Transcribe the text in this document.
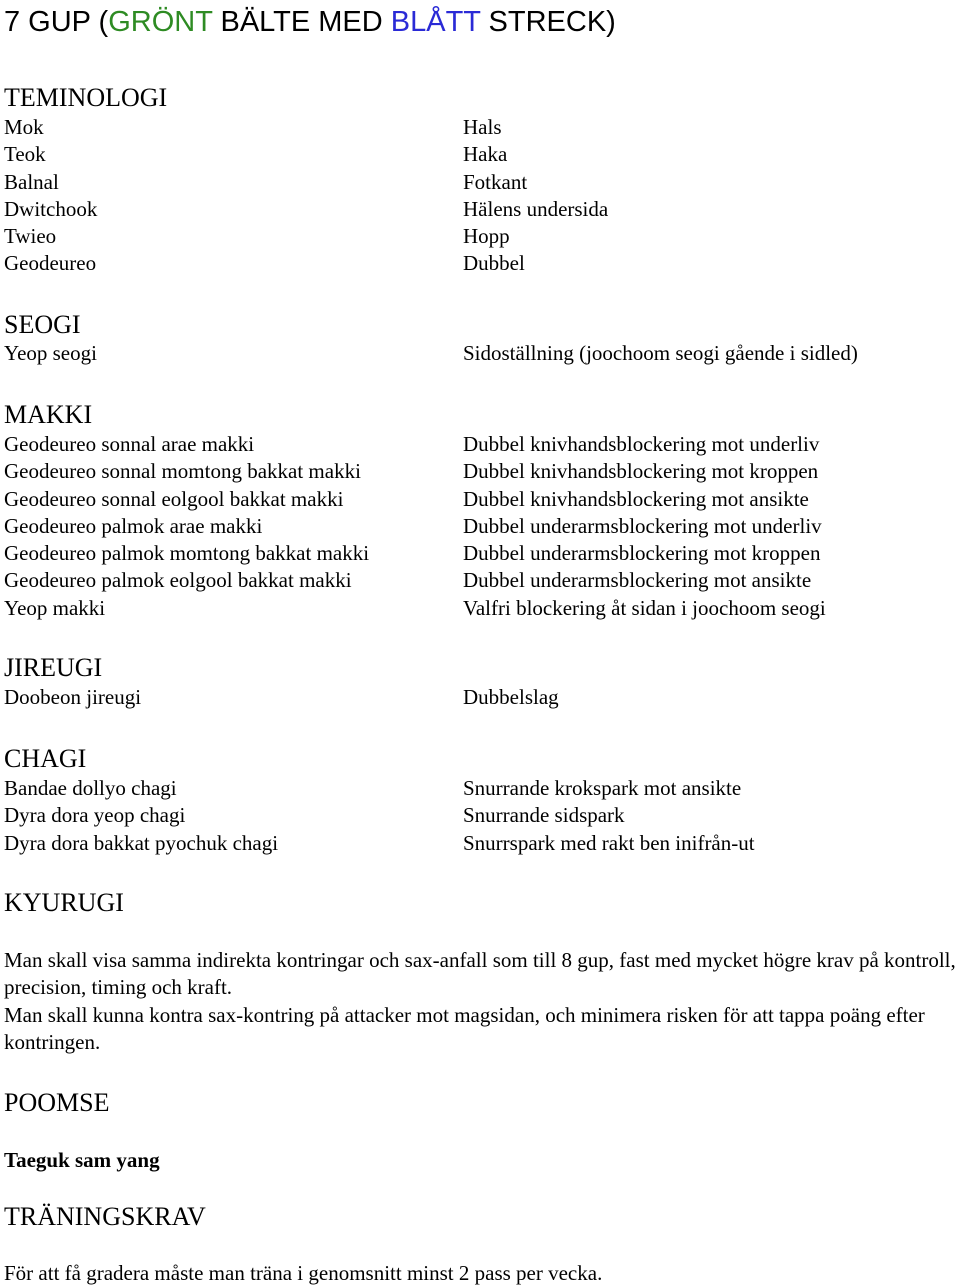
7 GUP (GRÖNT BÄLTE MED BLÅTT STRECK)
TEMINOLOGI
Mok
Teok
Balnal
Dwitchook
Twieo
Geodeureo
Hals
Haka
Fotkant
Hälens undersida
Hopp
Dubbel
SEOGI
Yeop seogi	Sidoställning (joochoom seogi gående i sidled)
MAKKI
Geodeureo sonnal arae makki
Geodeureo sonnal momtong bakkat makki
Geodeureo sonnal eolgool bakkat makki
Geodeureo palmok arae makki
Geodeureo palmok momtong bakkat makki
Geodeureo palmok eolgool bakkat makki
Yeop makki
Dubbel knivhandsblockering mot underliv
Dubbel knivhandsblockering mot kroppen
Dubbel knivhandsblockering mot ansikte
Dubbel underarmsblockering mot underliv
Dubbel underarmsblockering mot kroppen
Dubbel underarmsblockering mot ansikte
Valfri blockering åt sidan i joochoom seogi
JIREUGI
Doobeon jireugi	Dubbelslag
CHAGI
Bandae dollyo chagi
Dyra dora yeop chagi
Dyra dora bakkat pyochuk chagi
Snurrande krokspark mot ansikte
Snurrande sidspark
Snurrspark med rakt ben inifrån-ut
KYURUGI
Man skall visa samma indirekta kontringar och sax-anfall som till 8 gup, fast med mycket högre krav på kontroll, precision, timing och kraft.
Man skall kunna kontra sax-kontring på attacker mot magsidan, och minimera risken för att tappa poäng efter kontringen.
POOMSE
Taeguk sam yang
TRÄNINGSKRAV
För att få gradera måste man träna i genomsnitt minst 2 pass per vecka.
